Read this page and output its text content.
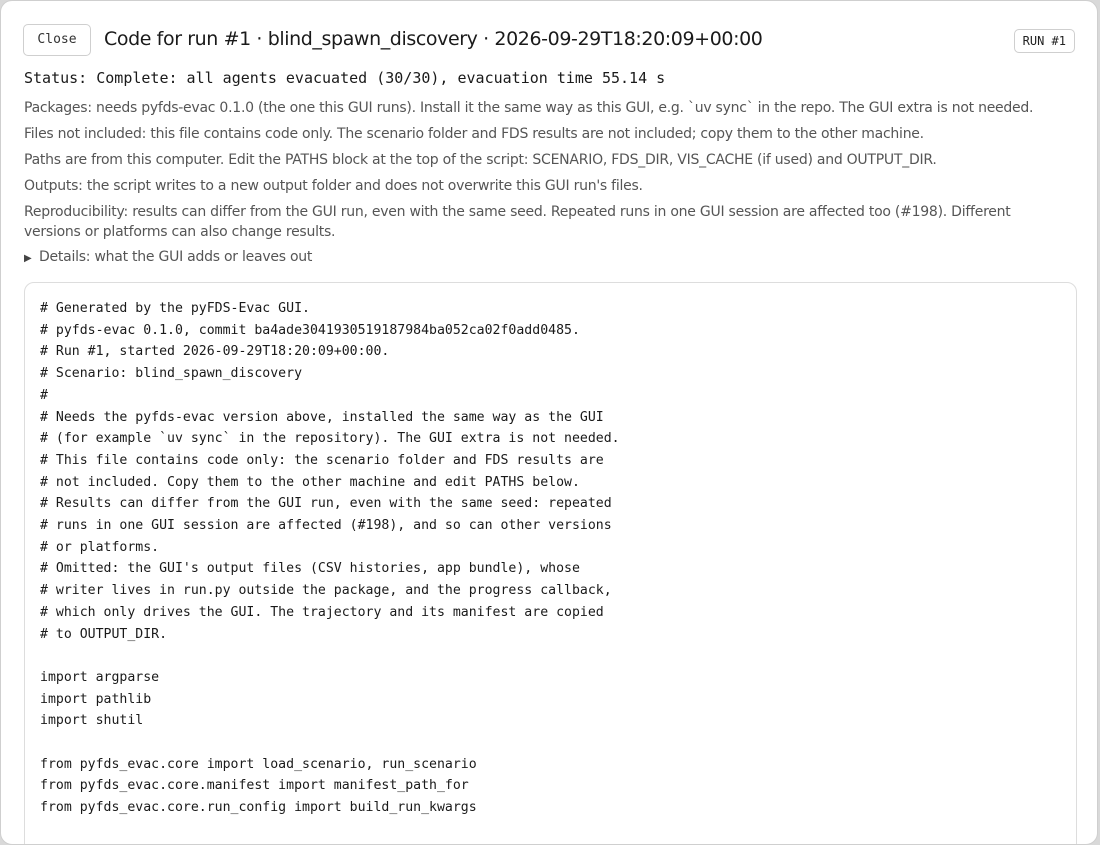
Close	Code for run #1 · blind_spawn_discovery · 2026-09-29T18:20:09+00:00	RUN #1
Status: Complete: all agents evacuated (30/30), evacuation time 55.14 s

Packages: needs pyfds-evac 0.1.0 (the one this GUI runs). Install it the same way as this GUI, e.g. `uv sync` in the repo. The GUI extra is not needed.

Files not included: this file contains code only. The scenario folder and FDS results are not included; copy them to the other machine.

Paths are from this computer. Edit the PATHS block at the top of the script: SCENARIO, FDS_DIR, VIS_CACHE (if used) and OUTPUT_DIR.

Outputs: the script writes to a new output folder and does not overwrite this GUI run's files.

Reproducibility: results can differ from the GUI run, even with the same seed. Repeated runs in one GUI session are affected too (#198). Different versions or platforms can also change results.

▶ Details: what the GUI adds or leaves out
# Generated by the pyFDS-Evac GUI.
# pyfds-evac 0.1.0, commit ba4ade3041930519187984ba052ca02f0add0485.
# Run #1, started 2026-09-29T18:20:09+00:00.
# Scenario: blind_spawn_discovery
#
# Needs the pyfds-evac version above, installed the same way as the GUI
# (for example `uv sync` in the repository). The GUI extra is not needed.
# This file contains code only: the scenario folder and FDS results are
# not included. Copy them to the other machine and edit PATHS below.
# Results can differ from the GUI run, even with the same seed: repeated
# runs in one GUI session are affected (#198), and so can other versions
# or platforms.
# Omitted: the GUI's output files (CSV histories, app bundle), whose
# writer lives in run.py outside the package, and the progress callback,
# which only drives the GUI. The trajectory and its manifest are copied
# to OUTPUT_DIR.

import argparse
import pathlib
import shutil

from pyfds_evac.core import load_scenario, run_scenario
from pyfds_evac.core.manifest import manifest_path_for
from pyfds_evac.core.run_config import build_run_kwargs
